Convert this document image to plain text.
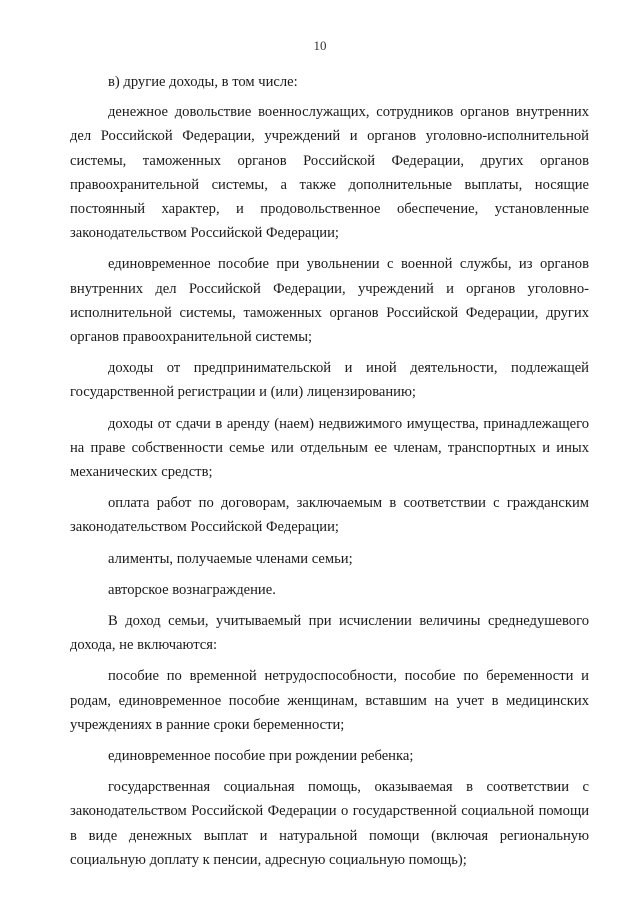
10

в) другие доходы, в том числе:

денежное довольствие военнослужащих, сотрудников органов внутренних дел Российской Федерации, учреждений и органов уголовно-исполнительной системы, таможенных органов Российской Федерации, других органов правоохранительной системы, а также дополнительные выплаты, носящие постоянный характер, и продовольственное обеспечение, установленные законодательством Российской Федерации;

единовременное пособие при увольнении с военной службы, из органов внутренних дел Российской Федерации, учреждений и органов уголовно-исполнительной системы, таможенных органов Российской Федерации, других органов правоохранительной системы;

доходы от предпринимательской и иной деятельности, подлежащей государственной регистрации и (или) лицензированию;

доходы от сдачи в аренду (наем) недвижимого имущества, принадлежащего на праве собственности семье или отдельным ее членам, транспортных и иных механических средств;

оплата работ по договорам, заключаемым в соответствии с гражданским законодательством Российской Федерации;

алименты, получаемые членами семьи;

авторское вознаграждение.

В доход семьи, учитываемый при исчислении величины среднедушевого дохода, не включаются:

пособие по временной нетрудоспособности, пособие по беременности и родам, единовременное пособие женщинам, вставшим на учет в медицинских учреждениях в ранние сроки беременности;

единовременное пособие при рождении ребенка;

государственная социальная помощь, оказываемая в соответствии с законодательством Российской Федерации о государственной социальной помощи в виде денежных выплат и натуральной помощи (включая региональную социальную доплату к пенсии, адресную социальную помощь);
